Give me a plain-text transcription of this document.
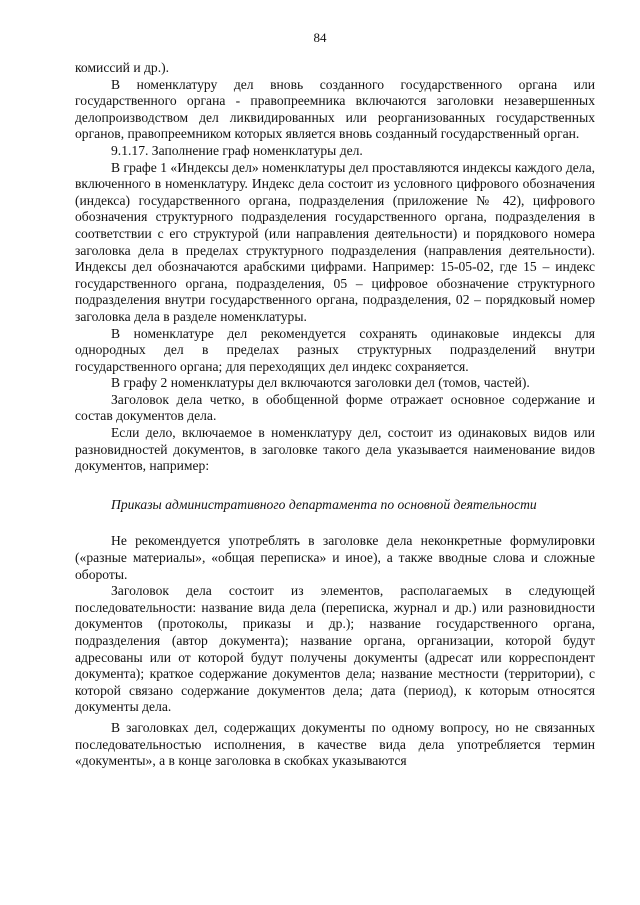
84

комиссий и др.).

В номенклатуру дел вновь созданного государственного органа или государственного органа - правопреемника включаются заголовки незавершенных делопроизводством дел ликвидированных или реорганизованных государственных органов, правопреемником которых является вновь созданный государственный орган.

9.1.17. Заполнение граф номенклатуры дел.

В графе 1 «Индексы дел» номенклатуры дел проставляются индексы каждого дела, включенного в номенклатуру. Индекс дела состоит из условного цифрового обозначения (индекса) государственного органа, подразделения (приложение № 42), цифрового обозначения структурного подразделения государственного органа, подразделения в соответствии с его структурой (или направления деятельности) и порядкового номера заголовка дела в пределах структурного подразделения (направления деятельности). Индексы дел обозначаются арабскими цифрами. Например: 15-05-02, где 15 – индекс государственного органа, подразделения, 05 – цифровое обозначение структурного подразделения внутри государственного органа, подразделения, 02 – порядковый номер заголовка дела в разделе номенклатуры.

В номенклатуре дел рекомендуется сохранять одинаковые индексы для однородных дел в пределах разных структурных подразделений внутри государственного органа; для переходящих дел индекс сохраняется.

В графу 2 номенклатуры дел включаются заголовки дел (томов, частей).

Заголовок дела четко, в обобщенной форме отражает основное содержание и состав документов дела.

Если дело, включаемое в номенклатуру дел, состоит из одинаковых видов или разновидностей документов, в заголовке такого дела указывается наименование видов документов, например:

Приказы административного департамента по основной деятельности

Не рекомендуется употреблять в заголовке дела неконкретные формулировки («разные материалы», «общая переписка» и иное), а также вводные слова и сложные обороты.

Заголовок дела состоит из элементов, располагаемых в следующей последовательности: название вида дела (переписка, журнал и др.) или разновидности документов (протоколы, приказы и др.); название государственного органа, подразделения (автор документа); название органа, организации, которой будут адресованы или от которой будут получены документы (адресат или корреспондент документа); краткое содержание документов дела; название местности (территории), с которой связано содержание документов дела; дата (период), к которым относятся документы дела.

В заголовках дел, содержащих документы по одному вопросу, но не связанных последовательностью исполнения, в качестве вида дела употребляется термин «документы», а в конце заголовка в скобках указываются
